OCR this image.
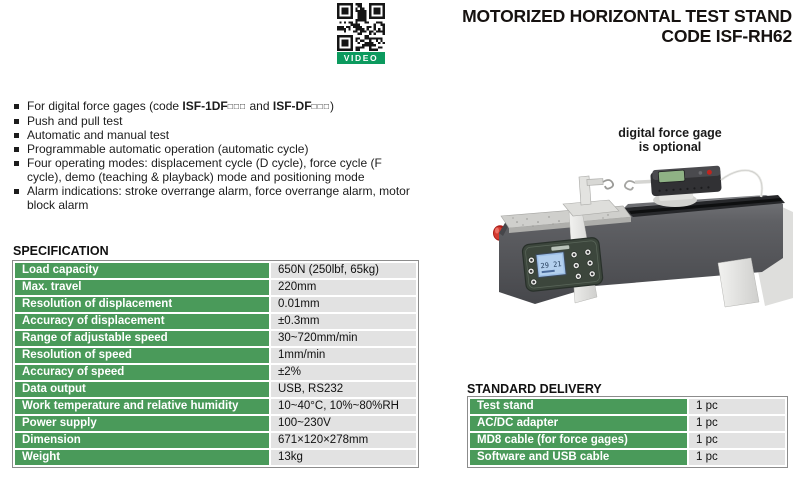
VIDEO
MOTORIZED HORIZONTAL TEST STAND
CODE ISF-RH62
For digital force gages (code ISF-1DF□□□ and ISF-DF□□□)
Push and pull test
Automatic and manual test
Programmable automatic operation (automatic cycle)
Four operating modes: displacement cycle (D cycle), force cycle (F cycle), demo (teaching & playback) mode and positioning mode
Alarm indications: stroke overrange alarm, force overrange alarm, motor block alarm
SPECIFICATION
Load capacity	650N (250lbf, 65kg)
Max. travel	220mm
Resolution of displacement	0.01mm
Accuracy of displacement	±0.3mm
Range of adjustable speed	30~720mm/min
Resolution of speed	1mm/min
Accuracy of speed	±2%
Data output	USB, RS232
Work temperature and relative humidity	10~40°C, 10%~80%RH
Power supply	100~230V
Dimension	671×120×278mm
Weight	13kg
STANDARD DELIVERY
Test stand	1 pc
AC/DC adapter	1 pc
MD8 cable (for force gages)	1 pc
Software and USB cable	1 pc
digital force gage
is optional
29 21
